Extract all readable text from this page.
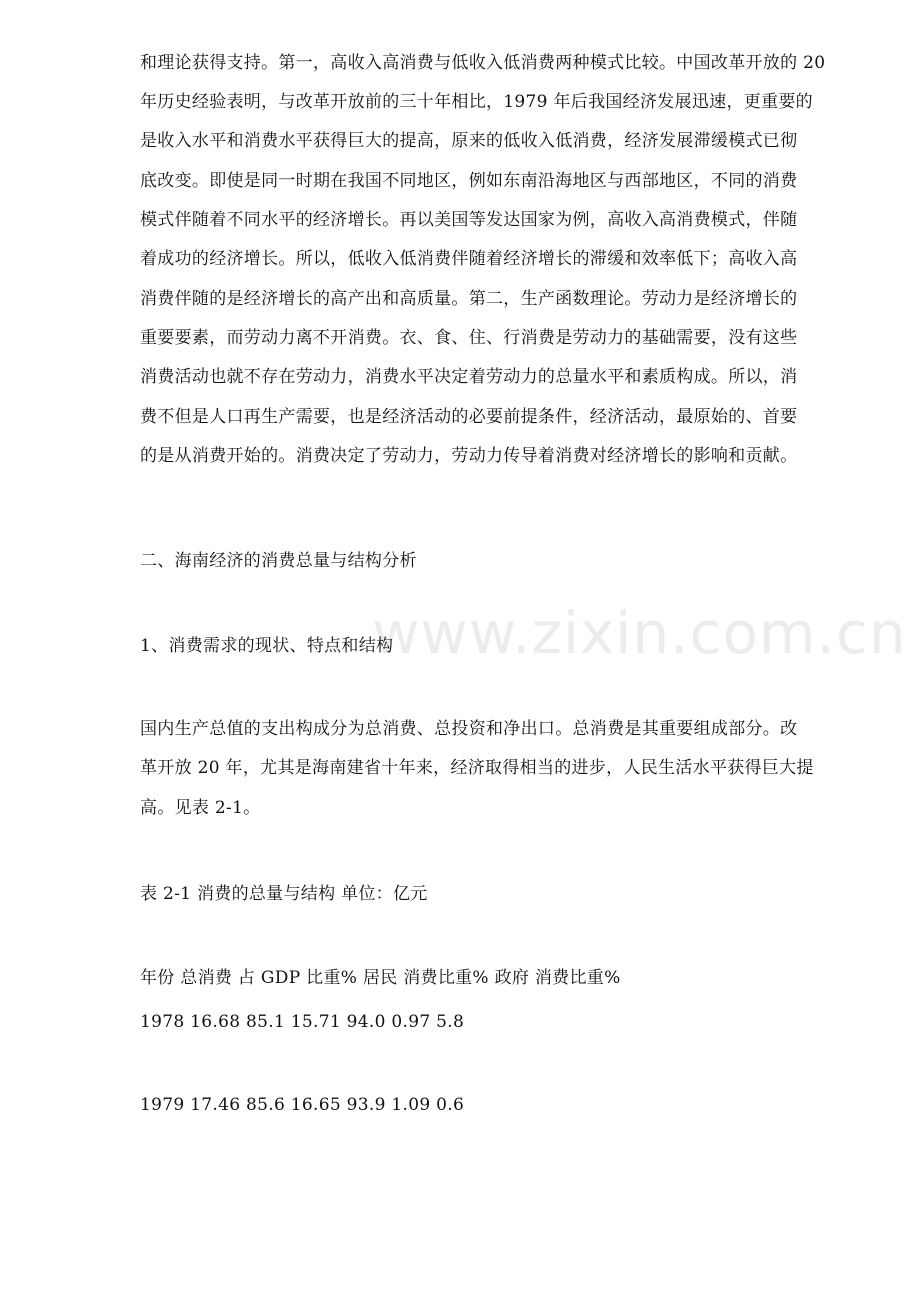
www.zixin.com.cn
和理论获得支持。第一，高收入高消费与低收入低消费两种模式比较。中国改革开放的 20
年历史经验表明，与改革开放前的三十年相比，1979 年后我国经济发展迅速，更重要的
是收入水平和消费水平获得巨大的提高，原来的低收入低消费，经济发展滞缓模式已彻
底改变。即使是同一时期在我国不同地区，例如东南沿海地区与西部地区，不同的消费
模式伴随着不同水平的经济增长。再以美国等发达国家为例，高收入高消费模式，伴随
着成功的经济增长。所以，低收入低消费伴随着经济增长的滞缓和效率低下；高收入高
消费伴随的是经济增长的高产出和高质量。第二，生产函数理论。劳动力是经济增长的
重要要素，而劳动力离不开消费。衣、食、住、行消费是劳动力的基础需要，没有这些
消费活动也就不存在劳动力，消费水平决定着劳动力的总量水平和素质构成。所以，消
费不但是人口再生产需要，也是经济活动的必要前提条件，经济活动，最原始的、首要
的是从消费开始的。消费决定了劳动力，劳动力传导着消费对经济增长的影响和贡献。
二、海南经济的消费总量与结构分析
1、消费需求的现状、特点和结构
国内生产总值的支出构成分为总消费、总投资和净出口。总消费是其重要组成部分。改
革开放 20 年，尤其是海南建省十年来，经济取得相当的进步，人民生活水平获得巨大提
高。见表 2-1。
表 2-1 消费的总量与结构 单位：亿元
年份 总消费 占 GDP 比重% 居民 消费比重% 政府 消费比重%
1978 16.68 85.1 15.71 94.0 0.97 5.8
1979 17.46 85.6 16.65 93.9 1.09 0.6
